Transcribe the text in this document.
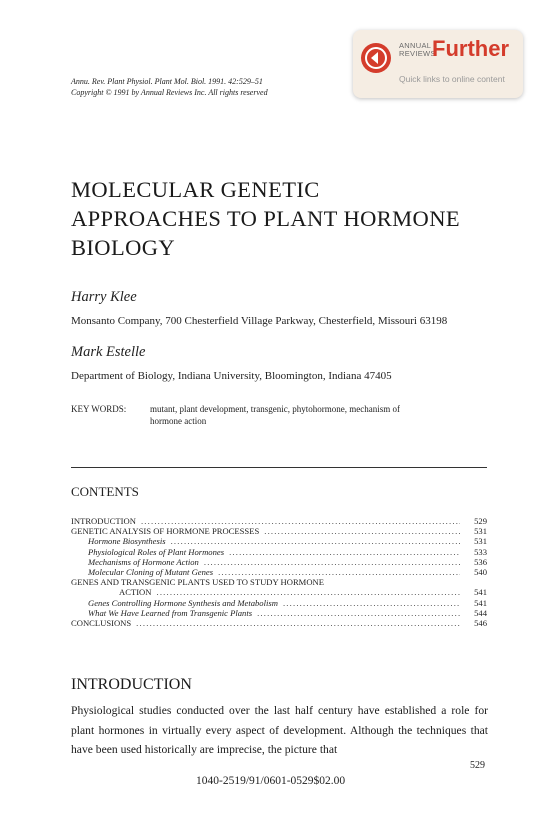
ANNUAL
REVIEWS
Further
Quick links to online content
Annu. Rev. Plant Physiol. Plant Mol. Biol. 1991. 42:529–51
Copyright © 1991 by Annual Reviews Inc. All rights reserved
MOLECULAR GENETIC
APPROACHES TO PLANT HORMONE
BIOLOGY
Harry Klee
Monsanto Company, 700 Chesterfield Village Parkway, Chesterfield, Missouri 63198
Mark Estelle
Department of Biology, Indiana University, Bloomington, Indiana 47405
KEY WORDS:	mutant, plant development, transgenic, phytohormone, mechanism of
hormone action
CONTENTS
INTRODUCTION .....	529
GENETIC ANALYSIS OF HORMONE PROCESSES .....	531
Hormone Biosynthesis .....	531
Physiological Roles of Plant Hormones .....	533
Mechanisms of Hormone Action .....	536
Molecular Cloning of Mutant Genes .....	540
GENES AND TRANSGENIC PLANTS USED TO STUDY HORMONE
ACTION .....	541
Genes Controlling Hormone Synthesis and Metabolism .....	541
What We Have Learned from Transgenic Plants .....	544
CONCLUSIONS .....	546
INTRODUCTION

Physiological studies conducted over the last half century have established a role for plant hormones in virtually every aspect of development. Although the techniques that have been used historically are imprecise, the picture that

529
1040-2519/91/0601-0529$02.00
